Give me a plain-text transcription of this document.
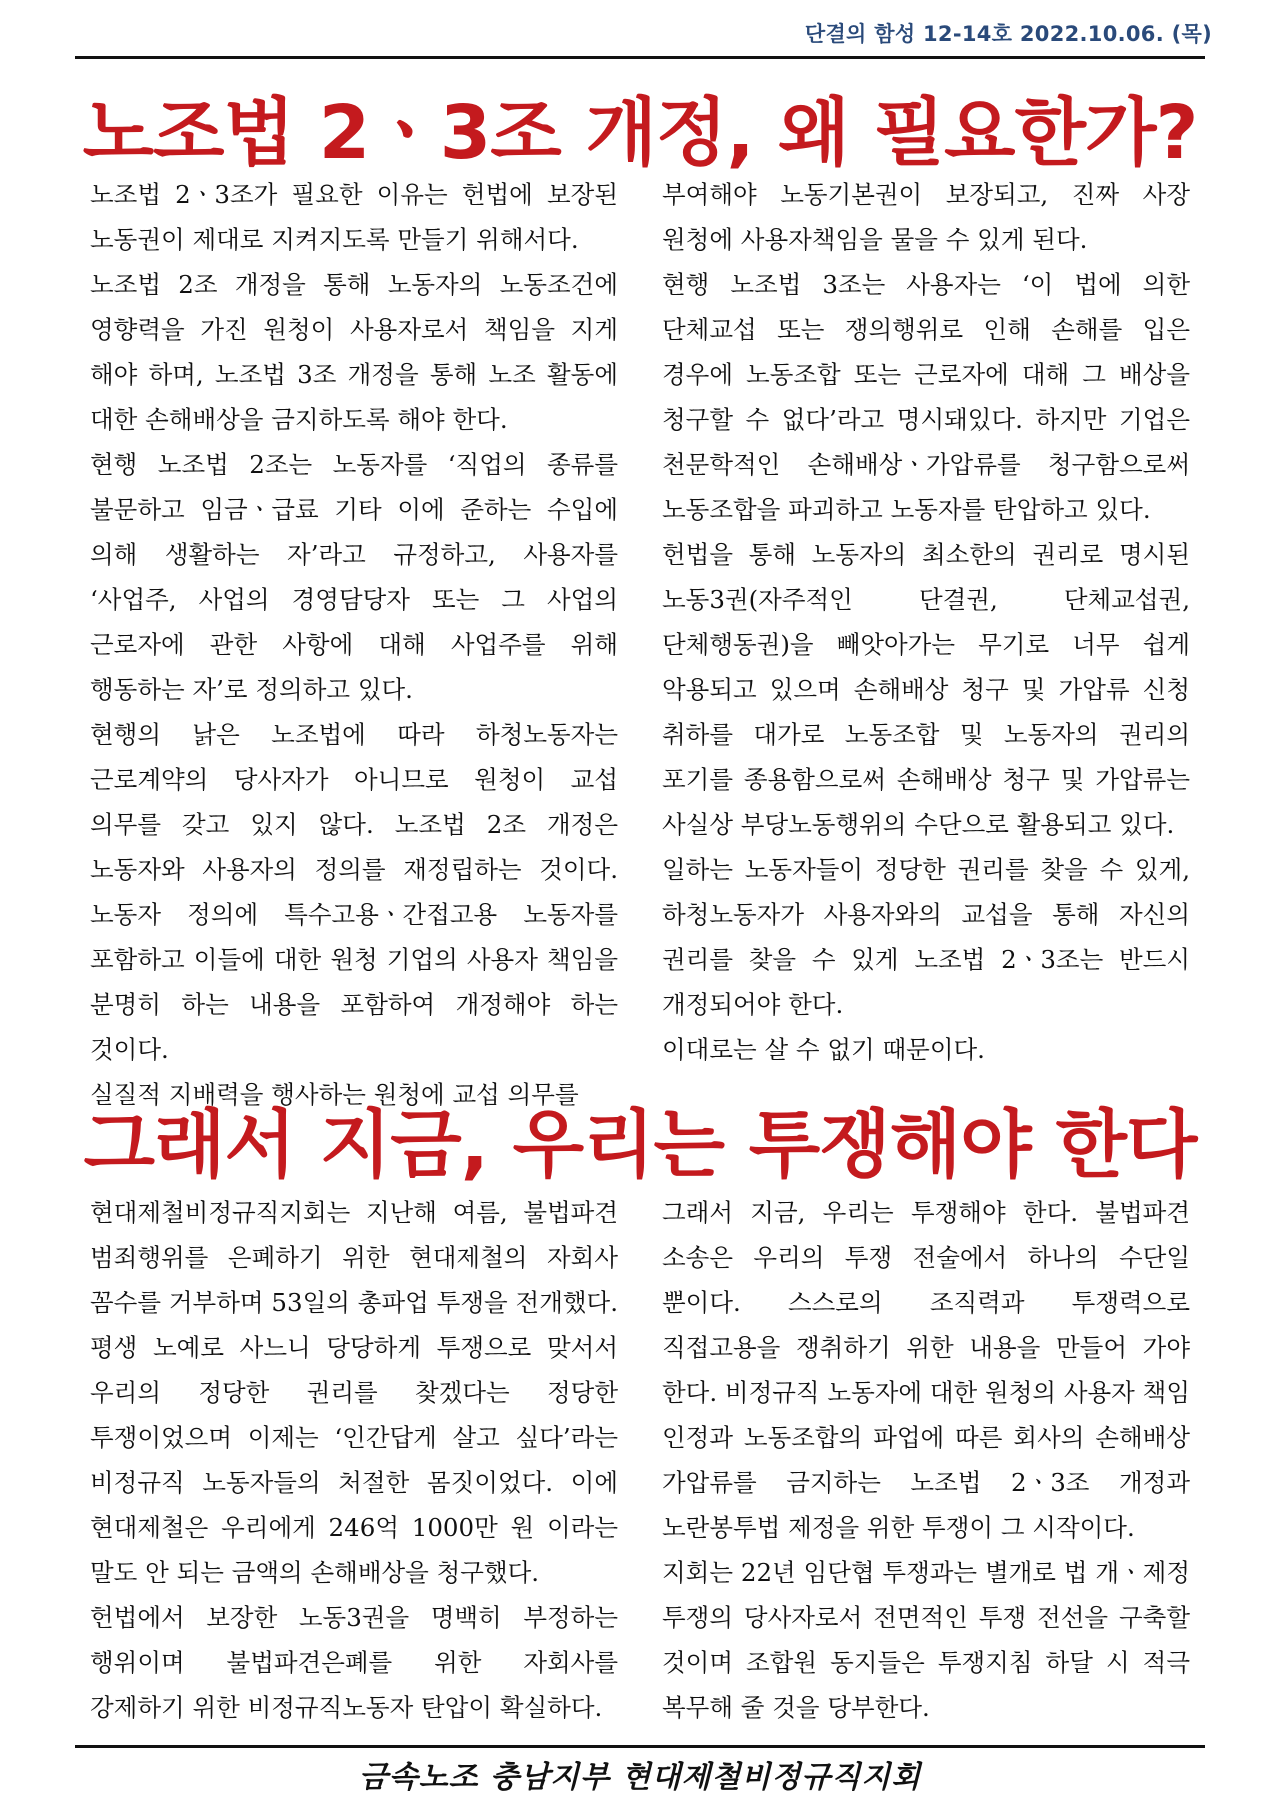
단결의 함성 12-14호 2022.10.06. (목)
노조법 2ㆍ3조 개정, 왜 필요한가?

노조법 2ㆍ3조가 필요한 이유는 헌법에 보장된 노동권이 제대로 지켜지도록 만들기 위해서다.

노조법 2조 개정을 통해 노동자의 노동조건에 영향력을 가진 원청이 사용자로서 책임을 지게 해야 하며, 노조법 3조 개정을 통해 노조 활동에 대한 손해배상을 금지하도록 해야 한다.

현행 노조법 2조는 노동자를 ‘직업의 종류를 불문하고 임금ㆍ급료 기타 이에 준하는 수입에 의해 생활하는 자’라고 규정하고, 사용자를 ‘사업주, 사업의 경영담당자 또는 그 사업의 근로자에 관한 사항에 대해 사업주를 위해 행동하는 자’로 정의하고 있다.

현행의 낡은 노조법에 따라 하청노동자는 근로계약의 당사자가 아니므로 원청이 교섭 의무를 갖고 있지 않다. 노조법 2조 개정은 노동자와 사용자의 정의를 재정립하는 것이다. 노동자 정의에 특수고용ㆍ간접고용 노동자를 포함하고 이들에 대한 원청 기업의 사용자 책임을 분명히 하는 내용을 포함하여 개정해야 하는 것이다.

실질적 지배력을 행사하는 원청에 교섭 의무를

부여해야 노동기본권이 보장되고, 진짜 사장 원청에 사용자책임을 물을 수 있게 된다.

현행 노조법 3조는 사용자는 ‘이 법에 의한 단체교섭 또는 쟁의행위로 인해 손해를 입은 경우에 노동조합 또는 근로자에 대해 그 배상을 청구할 수 없다’라고 명시돼있다. 하지만 기업은 천문학적인 손해배상ㆍ가압류를 청구함으로써 노동조합을 파괴하고 노동자를 탄압하고 있다.

헌법을 통해 노동자의 최소한의 권리로 명시된 노동3권(자주적인 단결권, 단체교섭권, 단체행동권)을 빼앗아가는 무기로 너무 쉽게 악용되고 있으며 손해배상 청구 및 가압류 신청 취하를 대가로 노동조합 및 노동자의 권리의 포기를 종용함으로써 손해배상 청구 및 가압류는 사실상 부당노동행위의 수단으로 활용되고 있다.

일하는 노동자들이 정당한 권리를 찾을 수 있게, 하청노동자가 사용자와의 교섭을 통해 자신의 권리를 찾을 수 있게 노조법 2ㆍ3조는 반드시 개정되어야 한다.

이대로는 살 수 없기 때문이다.

그래서 지금, 우리는 투쟁해야 한다

현대제철비정규직지회는 지난해 여름, 불법파견 범죄행위를 은폐하기 위한 현대제철의 자회사 꼼수를 거부하며 53일의 총파업 투쟁을 전개했다. 평생 노예로 사느니 당당하게 투쟁으로 맞서서 우리의 정당한 권리를 찾겠다는 정당한 투쟁이었으며 이제는 ‘인간답게 살고 싶다’라는 비정규직 노동자들의 처절한 몸짓이었다. 이에 현대제철은 우리에게 246억 1000만 원 이라는 말도 안 되는 금액의 손해배상을 청구했다.

헌법에서 보장한 노동3권을 명백히 부정하는 행위이며 불법파견은폐를 위한 자회사를 강제하기 위한 비정규직노동자 탄압이 확실하다.

그래서 지금, 우리는 투쟁해야 한다. 불법파견 소송은 우리의 투쟁 전술에서 하나의 수단일 뿐이다. 스스로의 조직력과 투쟁력으로 직접고용을 쟁취하기 위한 내용을 만들어 가야 한다. 비정규직 노동자에 대한 원청의 사용자 책임 인정과 노동조합의 파업에 따른 회사의 손해배상 가압류를 금지하는 노조법 2ㆍ3조 개정과 노란봉투법 제정을 위한 투쟁이 그 시작이다.

지회는 22년 임단협 투쟁과는 별개로 법 개ㆍ제정 투쟁의 당사자로서 전면적인 투쟁 전선을 구축할 것이며 조합원 동지들은 투쟁지침 하달 시 적극 복무해 줄 것을 당부한다.

금속노조 충남지부 현대제철비정규직지회
